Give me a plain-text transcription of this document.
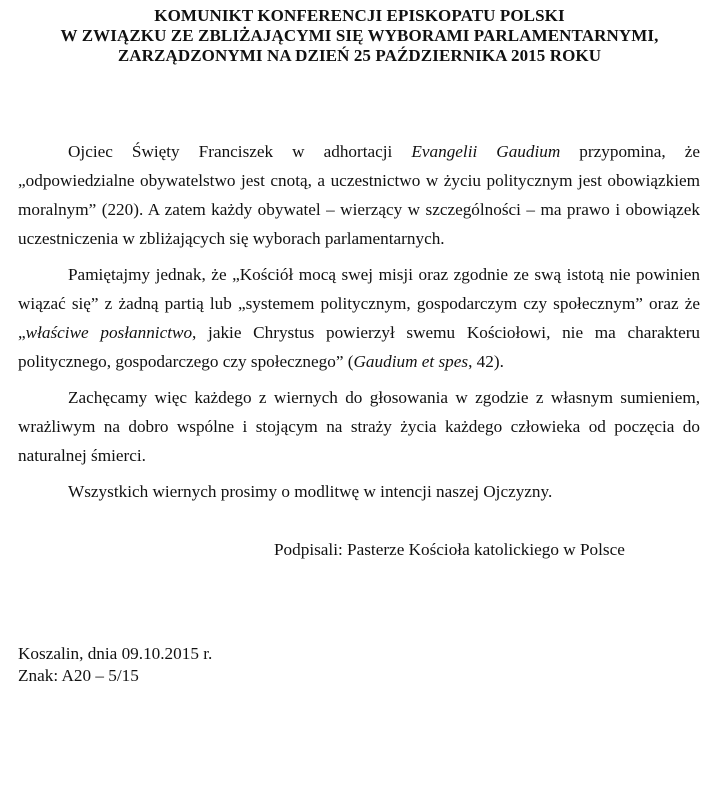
KOMUNIKT KONFERENCJI EPISKOPATU POLSKI
W ZWIĄZKU ZE ZBLIŻAJĄCYMI SIĘ WYBORAMI PARLAMENTARNYMI,
ZARZĄDZONYMI NA DZIEŃ 25 PAŹDZIERNIKA 2015 ROKU

Ojciec Święty Franciszek w adhortacji Evangelii Gaudium przypomina, że „odpowiedzialne obywatelstwo jest cnotą, a uczestnictwo w życiu politycznym jest obowiązkiem moralnym” (220). A zatem każdy obywatel – wierzący w szczególności – ma prawo i obowiązek uczestniczenia w zbliżających się wyborach parlamentarnych.

Pamiętajmy jednak, że „Kościół mocą swej misji oraz zgodnie ze swą istotą nie powinien wiązać się” z żadną partią lub „systemem politycznym, gospodarczym czy społecznym” oraz że „właściwe posłannictwo, jakie Chrystus powierzył swemu Kościołowi, nie ma charakteru politycznego, gospodarczego czy społecznego” (Gaudium et spes, 42).

Zachęcamy więc każdego z wiernych do głosowania w zgodzie z własnym sumieniem, wrażliwym na dobro wspólne i stojącym na straży życia każdego człowieka od poczęcia do naturalnej śmierci.

Wszystkich wiernych prosimy o modlitwę w intencji naszej Ojczyzny.

Podpisali: Pasterze Kościoła katolickiego w Polsce
Koszalin, dnia 09.10.2015 r.
Znak: A20 – 5/15
